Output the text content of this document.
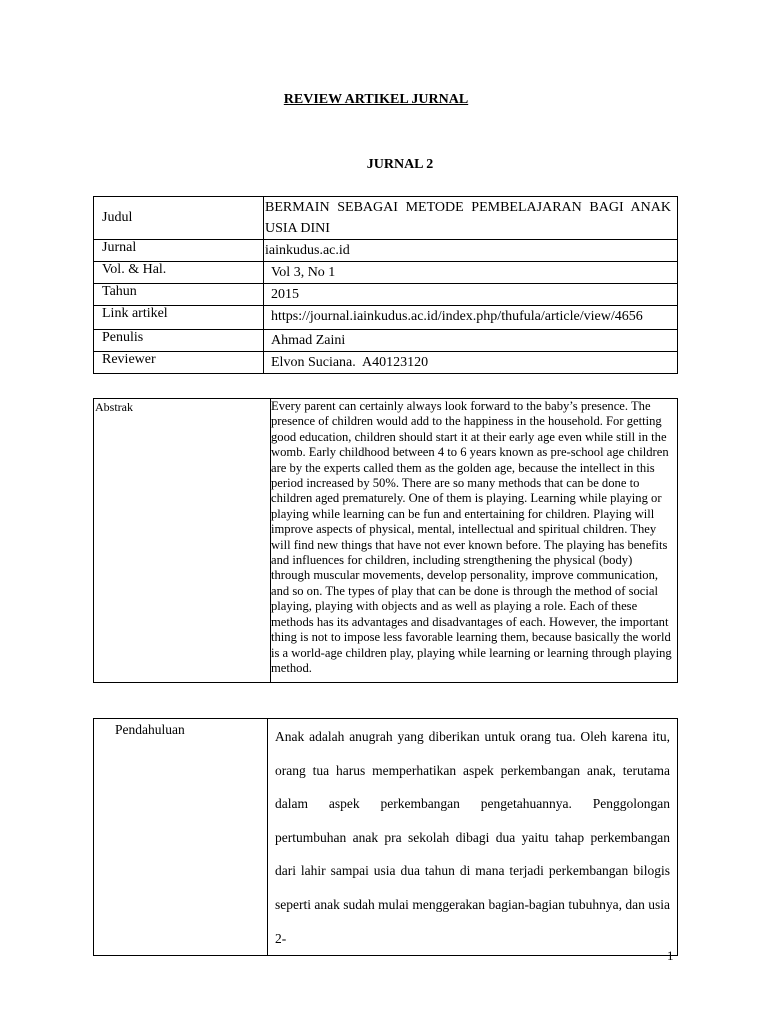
REVIEW ARTIKEL JURNAL
JURNAL 2
Judul	BERMAIN SEBAGAI METODE PEMBELAJARAN BAGI ANAK USIA DINI
Jurnal	iainkudus.ac.id
Vol. & Hal.	Vol 3, No 1
Tahun	2015
Link artikel	https://journal.iainkudus.ac.id/index.php/thufula/article/view/4656
Penulis	Ahmad Zaini
Reviewer	Elvon Suciana.  A40123120
Abstrak	Every parent can certainly always look forward to the baby’s presence. The presence of children would add to the happiness in the household. For getting good education, children should start it at their early age even while still in the womb. Early childhood between 4 to 6 years known as pre-school age children are by the experts called them as the golden age, because the intellect in this period increased by 50%. There are so many methods that can be done to children aged prematurely. One of them is playing. Learning while playing or playing while learning can be fun and entertaining for children. Playing will improve aspects of physical, mental, intellectual and spiritual children. They will find new things that have not ever known before. The playing has benefits and influences for children, including strengthening the physical (body) through muscular movements, develop personality, improve communication, and so on. The types of play that can be done is through the method of social playing, playing with objects and as well as playing a role. Each of these methods has its advantages and disadvantages of each. However, the important thing is not to impose less favorable learning them, because basically the world is a world-age children play, playing while learning or learning through playing method.
Pendahuluan	Anak adalah anugrah yang diberikan untuk orang tua. Oleh karena itu, orang tua harus memperhatikan aspek perkembangan anak, terutama dalam aspek perkembangan pengetahuannya. Penggolongan pertumbuhan anak pra sekolah dibagi dua yaitu tahap perkembangan dari lahir sampai usia dua tahun di mana terjadi perkembangan bilogis seperti anak sudah mulai menggerakan bagian-bagian tubuhnya, dan usia 2-
1
